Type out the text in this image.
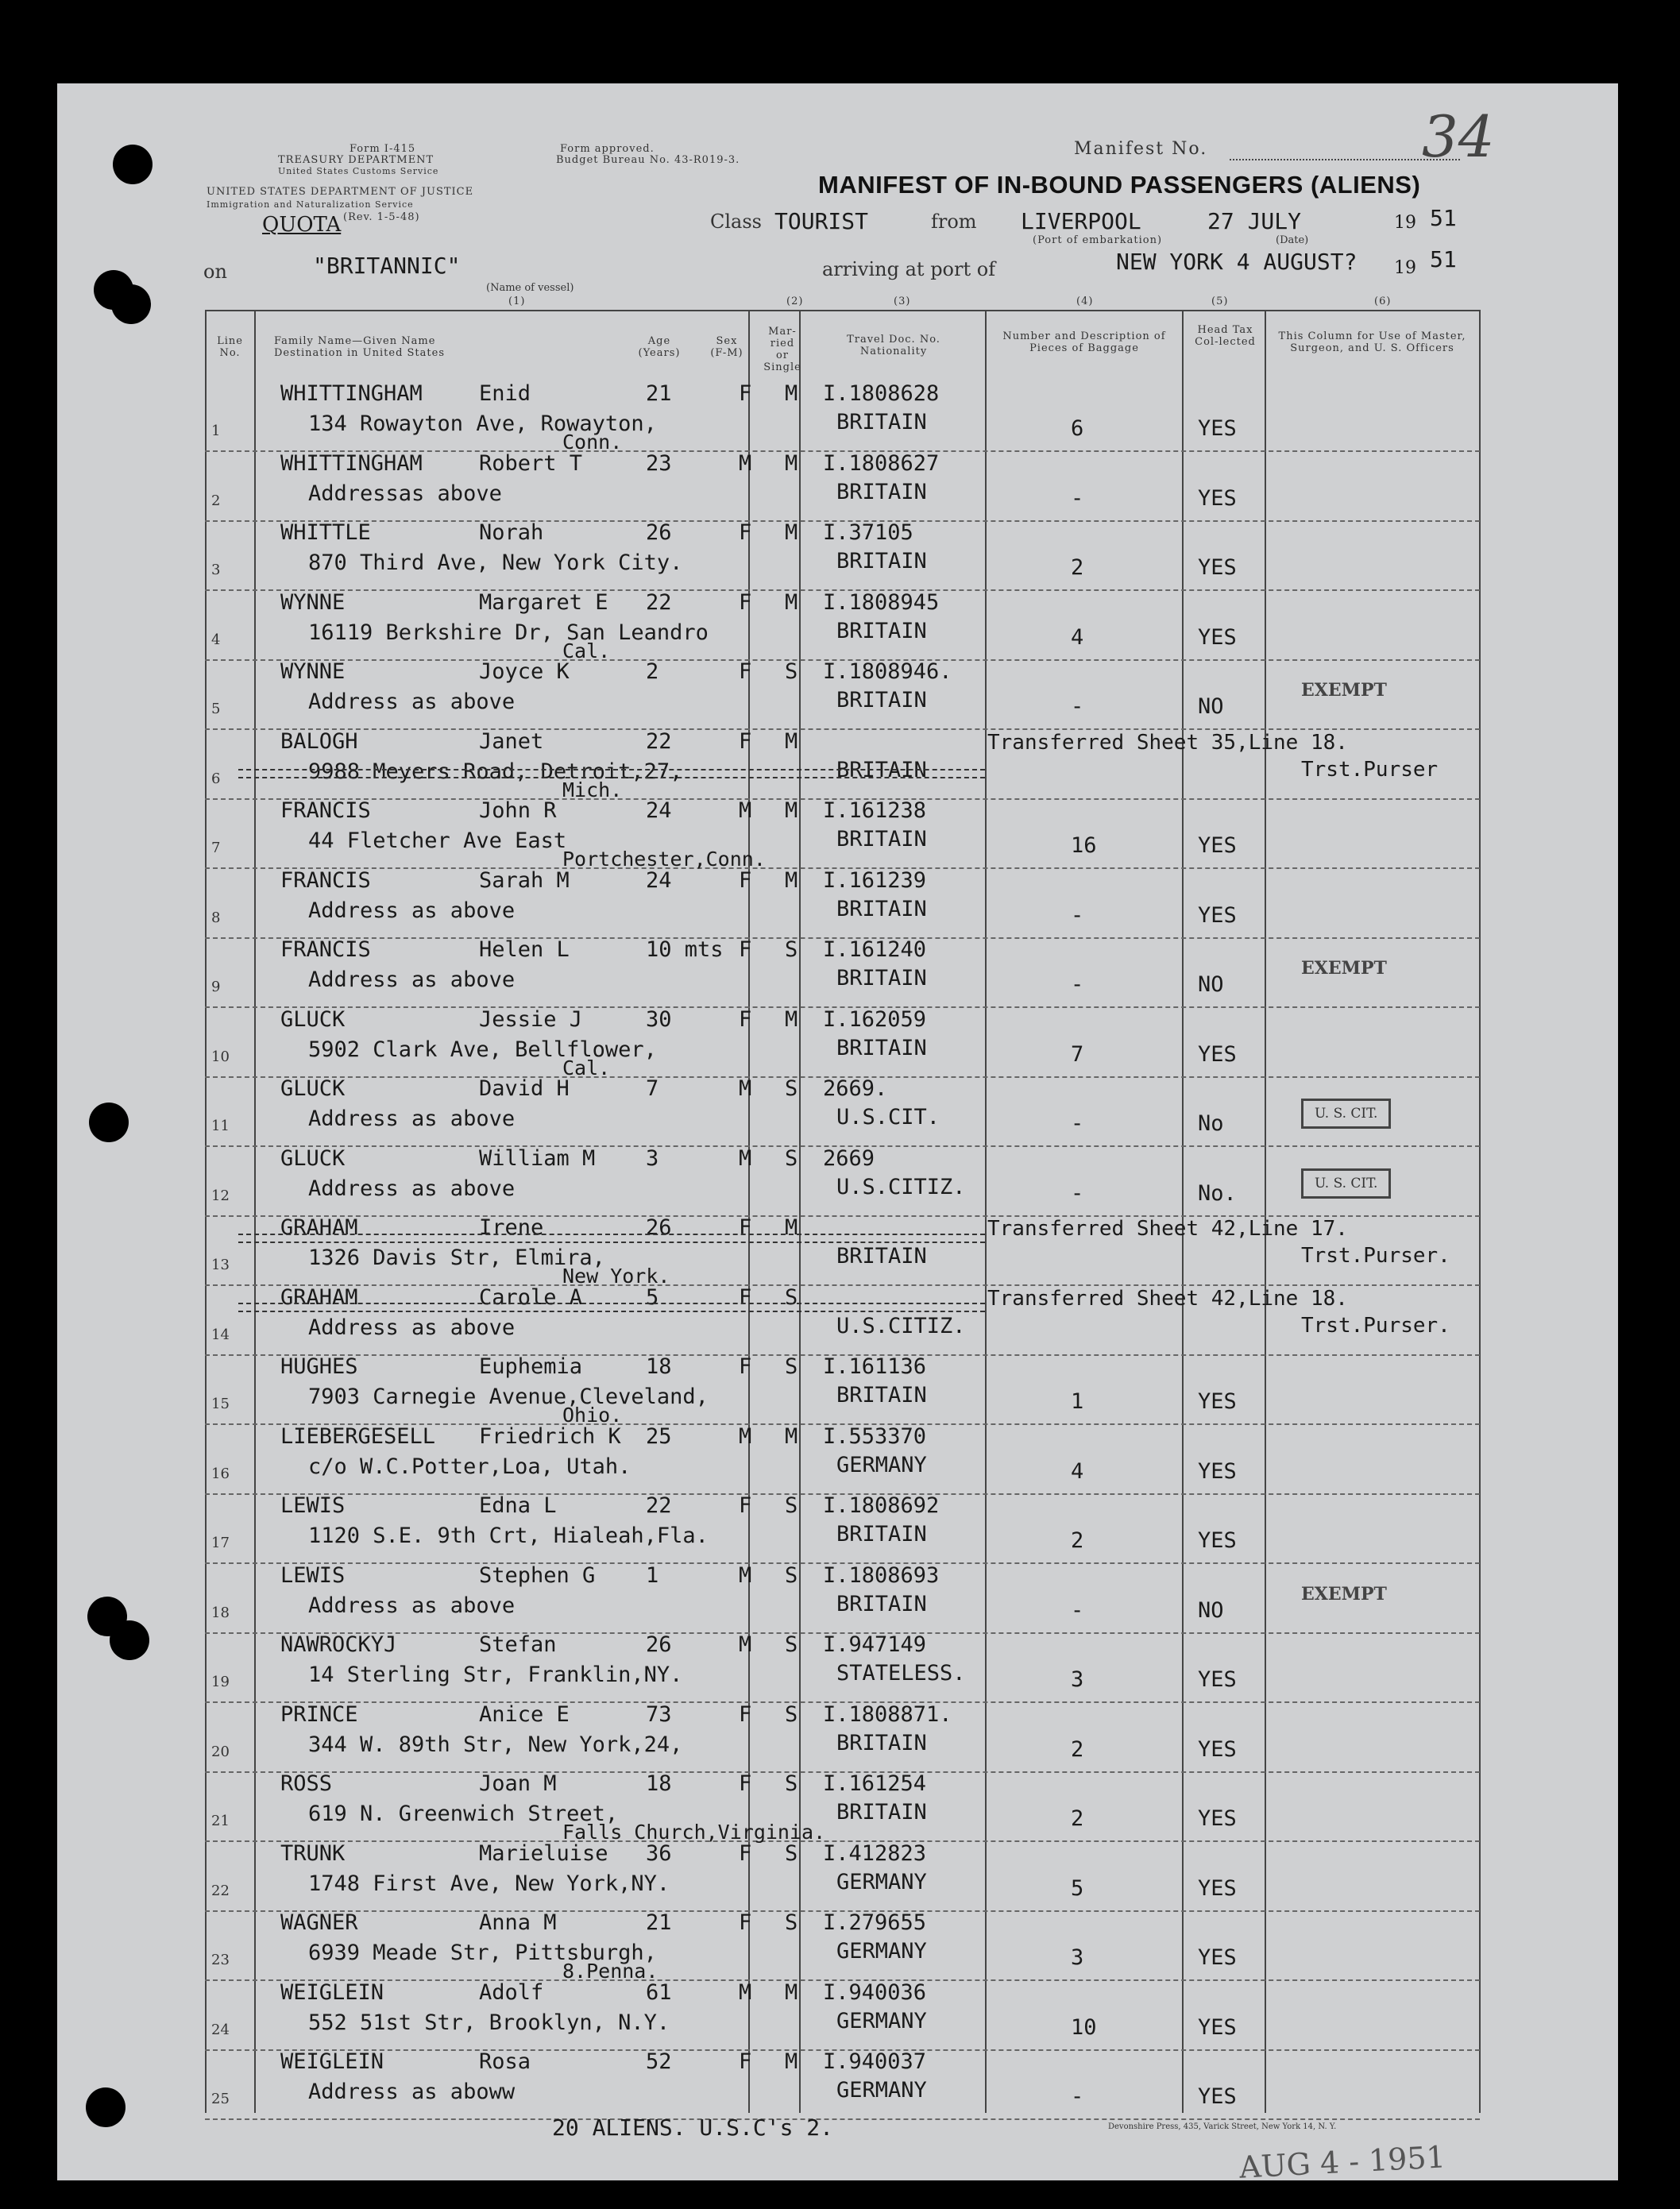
Form I-415
TREASURY DEPARTMENT
United States Customs Service
UNITED STATES DEPARTMENT OF JUSTICE
Immigration and Naturalization Service
(Rev. 1-5-48)
Form approved.
Budget Bureau No. 43-R019-3.
QUOTA
Manifest No.	34
MANIFEST OF IN-BOUND PASSENGERS (ALIENS)
Class TOURIST	from LIVERPOOL
(Port of embarkation)
27 JULY
(Date)
19 51
on	"BRITANNIC"
(Name of vessel)
arriving at port of	NEW YORK 4 AUGUST? 19 51
(1)	(2)	(3)	(4)	(5)	(6)
Line No.
Family Name—Given Name Destination in United States
Age (Years)
Sex (F-M)
Mar-ried or Single
Travel Doc. No. Nationality
Number and Description of Pieces of Baggage
Head Tax Col-lected	This Column for Use of Master, Surgeon, and U. S. Officers
1
WHITTINGHAM	Enid
134 Rowayton Ave, Rowayton,
Conn.
21	F M I.1808628
BRITAIN	6	YES
2
WHITTINGHAM	Robert T
Addressas above
23	M M I.1808627
BRITAIN	-	YES
3
WHITTLE	Norah
870 Third Ave, New York City.
26	F M I.37105
BRITAIN	2	YES
4
WYNNE	Margaret E
16119 Berkshire Dr, San Leandro
Cal.
22	F M I.1808945
BRITAIN	4	YES
5
WYNNE	Joyce K
Address as above
2	F S I.1808946.
BRITAIN	-	NO
EXEMPT
6
BALOGH	Janet
9988 Meyers Road, Detroit,27,
Mich.
22	F M
BRITAIN
Transferred Sheet 35,Line 18.
Trst.Purser
7
FRANCIS	John R
44 Fletcher Ave East
Portchester,Conn.
24	M M I.161238
BRITAIN	16	YES
8
FRANCIS	Sarah M
Address as above
24	F M I.161239
BRITAIN	-	YES
9
FRANCIS	Helen L
Address as above
10 mts F S I.161240
BRITAIN	-	NO
EXEMPT
10
GLUCK	Jessie J
5902 Clark Ave, Bellflower,
Cal.
30	F M I.162059
BRITAIN	7	YES
11
GLUCK	David H
Address as above
7	M S 2669.
U.S.CIT.	-	No	U. S. CIT.
12
GLUCK	William M
Address as above
3	M S 2669
U.S.CITIZ.	-	No.	U. S. CIT.
13
GRAHAM	Irene
1326 Davis Str, Elmira,
New York.
26	F M
BRITAIN
Transferred Sheet 42,Line 17.
Trst.Purser.
14
GRAHAM	Carole A
Address as above
5	F S
U.S.CITIZ.
Transferred Sheet 42,Line 18.
Trst.Purser.
15
HUGHES	Euphemia
7903 Carnegie Avenue,Cleveland,
Ohio.
18	F S I.161136
BRITAIN	1	YES
16
LIEBERGESELL Friedrich K
c/o W.C.Potter,Loa, Utah.
25	M M I.553370
GERMANY	4	YES
17
LEWIS	Edna L
1120 S.E. 9th Crt, Hialeah,Fla.
22	F S I.1808692
BRITAIN	2	YES
18
LEWIS	Stephen G
Address as above
1	M S I.1808693
BRITAIN	-	NO
EXEMPT
19
NAWROCKYJ	Stefan
14 Sterling Str, Franklin,NY.
26	M S I.947149
STATELESS.	3	YES
20
PRINCE	Anice E
344 W. 89th Str, New York,24,
73	F S I.1808871.
BRITAIN	2	YES
21
ROSS	Joan M
619 N. Greenwich Street,
Falls Church,Virginia.
18	F S I.161254
BRITAIN	2	YES
22
TRUNK	Marieluise
1748 First Ave, New York,NY.
36	F S I.412823
GERMANY	5	YES
23
WAGNER	Anna M
6939 Meade Str, Pittsburgh,
8.Penna.
21	F S I.279655
GERMANY	3	YES
24
WEIGLEIN	Adolf
552 51st Str, Brooklyn, N.Y.
61	M M I.940036
GERMANY	10	YES
25
WEIGLEIN	Rosa
Address as aboww
52	F M I.940037
GERMANY	-	YES
20 ALIENS. U.S.C's 2.	Devonshire Press, 435, Varick Street, New York 14, N. Y.
AUG 4 - 1951
